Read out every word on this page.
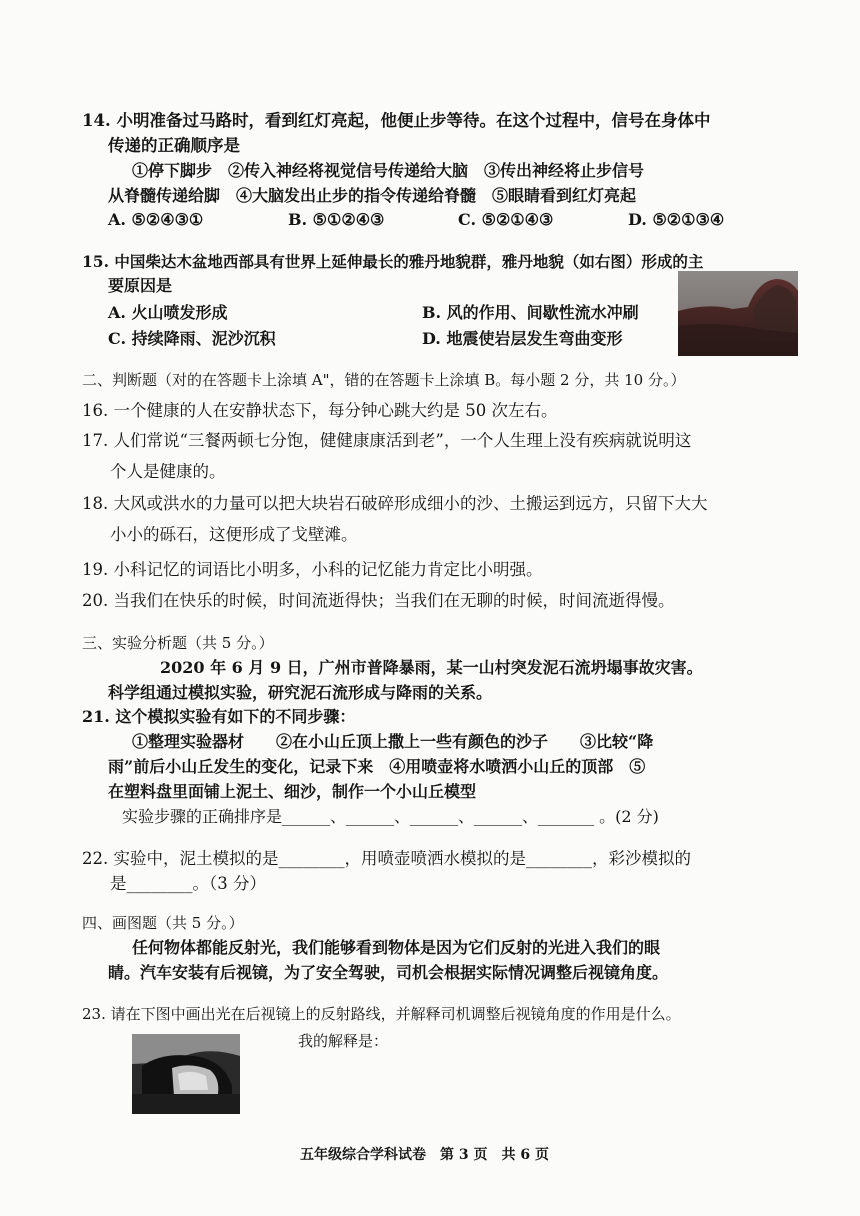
14. 小明准备过马路时，看到红灯亮起，他便止步等待。在这个过程中，信号在身体中
传递的正确顺序是
①停下脚步　②传入神经将视觉信号传递给大脑　③传出神经将止步信号
从脊髓传递给脚　④大脑发出止步的指令传递给脊髓　⑤眼睛看到红灯亮起
A. ⑤②④③①	B. ⑤①②④③	C. ⑤②①④③	D. ⑤②①③④
15. 中国柴达木盆地西部具有世界上延伸最长的雅丹地貌群，雅丹地貌（如右图）形成的主
要原因是
A. 火山喷发形成	B. 风的作用、间歇性流水冲刷
C. 持续降雨、泥沙沉积	D. 地震使岩层发生弯曲变形
二、判断题（对的在答题卡上涂填 A"，错的在答题卡上涂填 B。每小题 2 分，共 10 分。）
16. 一个健康的人在安静状态下，每分钟心跳大约是 50 次左右。
17. 人们常说“三餐两顿七分饱，健健康康活到老”，一个人生理上没有疾病就说明这
个人是健康的。
18. 大风或洪水的力量可以把大块岩石破碎形成细小的沙、土搬运到远方，只留下大大
小小的砾石，这便形成了戈壁滩。
19. 小科记忆的词语比小明多，小科的记忆能力肯定比小明强。
20. 当我们在快乐的时候，时间流逝得快；当我们在无聊的时候，时间流逝得慢。
三、实验分析题（共 5 分。）
2020 年 6 月 9 日，广州市普降暴雨，某一山村突发泥石流坍塌事故灾害。
科学组通过模拟实验，研究泥石流形成与降雨的关系。
21. 这个模拟实验有如下的不同步骤：
①整理实验器材　　②在小山丘顶上撒上一些有颜色的沙子　　③比较“降
雨”前后小山丘发生的变化，记录下来　④用喷壶将水喷洒小山丘的顶部　⑤
在塑料盘里面铺上泥土、细沙，制作一个小山丘模型
实验步骤的正确排序是______、______、______、______、_______ 。(2 分)
22. 实验中，泥土模拟的是________，用喷壶喷洒水模拟的是________，彩沙模拟的
是________。（3 分）
四、画图题（共 5 分。）
任何物体都能反射光，我们能够看到物体是因为它们反射的光进入我们的眼
睛。汽车安装有后视镜，为了安全驾驶，司机会根据实际情况调整后视镜角度。
23. 请在下图中画出光在后视镜上的反射路线，并解释司机调整后视镜角度的作用是什么。
我的解释是：
五年级综合学科试卷　第 3 页　共 6 页
